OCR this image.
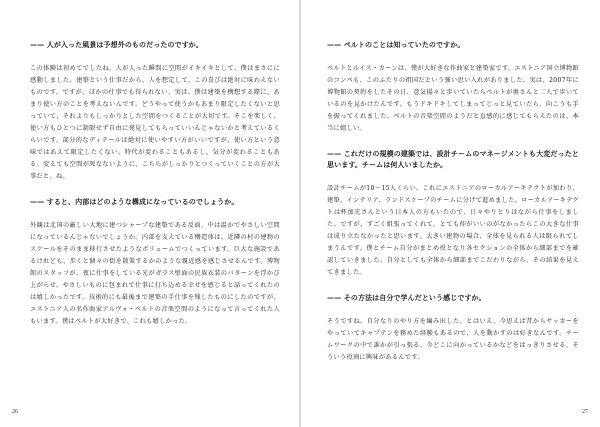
—— 人が入った風景は予想外のものだったのですか。

この体験は初めてでしたね。人が人った瞬間に空間がイキイキとして、僕はまさにに感動しました。建築という仕事だから、人を想定して、この喜びは絶対に味わえないものです。ですが、ほかの仕事でも得られない、実は、僕は建築を構想する際に、あまり使い方のことを考えないんです。どうやって使うかもあまり限定したくないと思っていて、それよりもしっかりとした空間をつくることが大切です。そこを楽しく、使い方もひとつに制限せず自由に発見してもらっていいんじゃないかと考えているくらいです。部分的なディテールは絶対に使いやすい方がいいですが、使い方という意味ではあえて限定したくない。時代が変わることもあるし、気分が変わることもある。変えても空間が死なないように、こちらがしっかりとつくっていくことの方が大事だと、ね。

—— すると、内部はどのような構成になっているのでしょうか。

外観は北国の厳しい大地に建つシャープな建築である反面、中は温かでやさしい空間になっているんじゃないでしょうか。内部を支えている構造体は、近隣の村の建物のスケールをそのまま移行させたようなボリュームでつくっています。巨大な施設であるけれども、歩くと個々の街を散策するかのような親近感を感じさせるんです。博物館のスタッフが、夜に仕事をしている光がガラス壁面の民族衣装のパターンを浮かび上がらせ、やさしいものに包まれて仕事に打ち込める幸せを感じると話ってくれたのは嬉しかったです。技術的にも最後まで建築の手仕事を残したものにしたのですが、エストニア人の名作曲家アルヴォ・ペルトの音楽空間のようになって言ってくれた人もいます。僕はペルトが大好きで、これも嬉しかった。

26

—— ペルトのことは知っていたのですか。

ペルトとルイス・カーンは、僕が大好きな作曲家と建築家です。エストニア国立博物館のコンペも、このふたりの祖国だという強い思い入れがありました。実は、2007年に博物館の契約をしたその日、意気揚々と歩いていたらペルトが奥さんと二人で歩いているのを見かけたんです。もうドキドキしてしまってじっと見ていたら、向こうも手を振ってくれました。ペルトの音楽空間のようだと直感的に感じてもらえたのは、本当に嬉しい。

—— これだけの規模の建築では、設計チームのマネージメントも大変だったと思います。チームは何人いましたか。

設計チームが10〜15人くらい。これにエストニアのローカルアーキテクトが加わり、建築、インテリア、ランドスケープのチームに分けて進めました。ローカルアーキテクトは杯加光さんという日本人の方もいたので、日々やりとりはながら仕事をしました。ですが、すごく組張ってくれて。とても仲がいいのがなかったらこの大きな仕事は成り立たなかったと思います。大きい建物の場合、全体を見られる人は限られてしまうんです。僕とチーム自分がまとめ役となり各セクションの全体から細部までを確認していきました。自分としても全体から細部までこだわりながら、その結果を見えてきました。

—— その方法は自分で学んだという感じですか。

そうですね。自分なりのやり方を編み出した。とはいえ、今思えば昔からサッカーをやっていてキャプテンを務めた経験もあるので、人を動かすのは好きなんです。チームワークの中で誰かが引っ張る、今どこに向かっているかなどをはっきりさせる、そういう役割に興味があるんです。

27
